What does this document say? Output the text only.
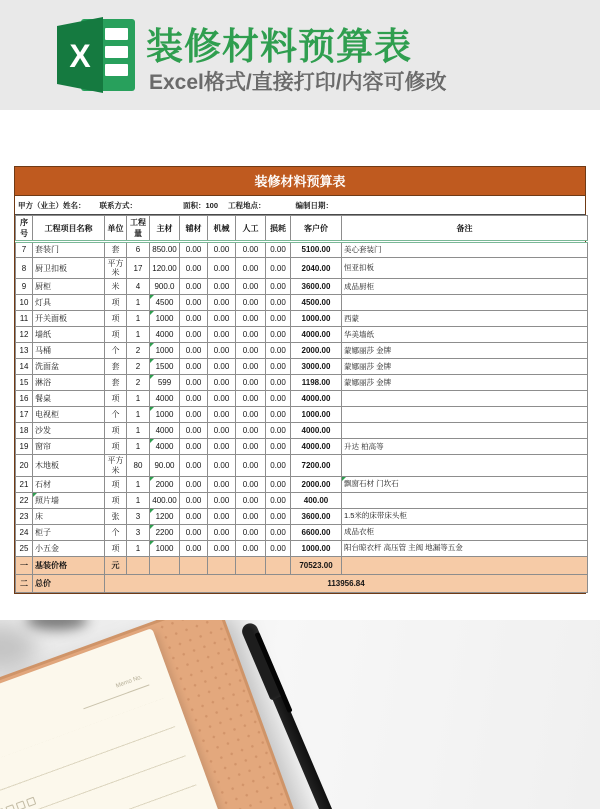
X 装修材料预算表
Excel格式/直接打印/内容可修改
装修材料预算表
甲方（业主）姓名： 联系方式：	面积：100 工程地点：	编制日期：
序号	工程项目名称	单位	工程量	主材	辅材	机械	人工	损耗	客户价	备注
7	套装门	套	6	850.00	0.00	0.00	0.00	0.00	5100.00	美心套装门
8	厨卫扣板	平方米	17	120.00	0.00	0.00	0.00	0.00	2040.00	恒亚扣板
9	厨柜	米	4	900.0	0.00	0.00	0.00	0.00	3600.00	成品厨柜
10	灯具	项	1	4500	0.00	0.00	0.00	0.00	4500.00	
11	开关面板	项	1	1000	0.00	0.00	0.00	0.00	1000.00	西蒙
12	墙纸	项	1	4000	0.00	0.00	0.00	0.00	4000.00	华美墙纸
13	马桶	个	2	1000	0.00	0.00	0.00	0.00	2000.00	蒙娜丽莎 金牌
14	洗面盆	套	2	1500	0.00	0.00	0.00	0.00	3000.00	蒙娜丽莎 金牌
15	淋浴	套	2	599	0.00	0.00	0.00	0.00	1198.00	蒙娜丽莎 金牌
16	餐桌	项	1	4000	0.00	0.00	0.00	0.00	4000.00	
17	电视柜	个	1	1000	0.00	0.00	0.00	0.00	1000.00	
18	沙发	项	1	4000	0.00	0.00	0.00	0.00	4000.00	
19	窗帘	项	1	4000	0.00	0.00	0.00	0.00	4000.00	升达 柏高等
20	木地板	平方米	80	90.00	0.00	0.00	0.00	0.00	7200.00	
21	石材	项	1	2000	0.00	0.00	0.00	0.00	2000.00	飘窗石材 门坎石

22	照片墙	项	1	400.00	0.00	0.00	0.00	0.00	400.00	
23	床	张	3	1200	0.00	0.00	0.00	0.00	3600.00	1.5米的床带床头柜
24	柜子	个	3	2200	0.00	0.00	0.00	0.00	6600.00	成品衣柜
25	小五金	项	1	1000	0.00	0.00	0.00	0.00	1000.00	阳台晾衣杆 高压管 主阀 地漏等五金
一	基装价格	元							70523.00	
二	总价	113956.84								
Memo No.
